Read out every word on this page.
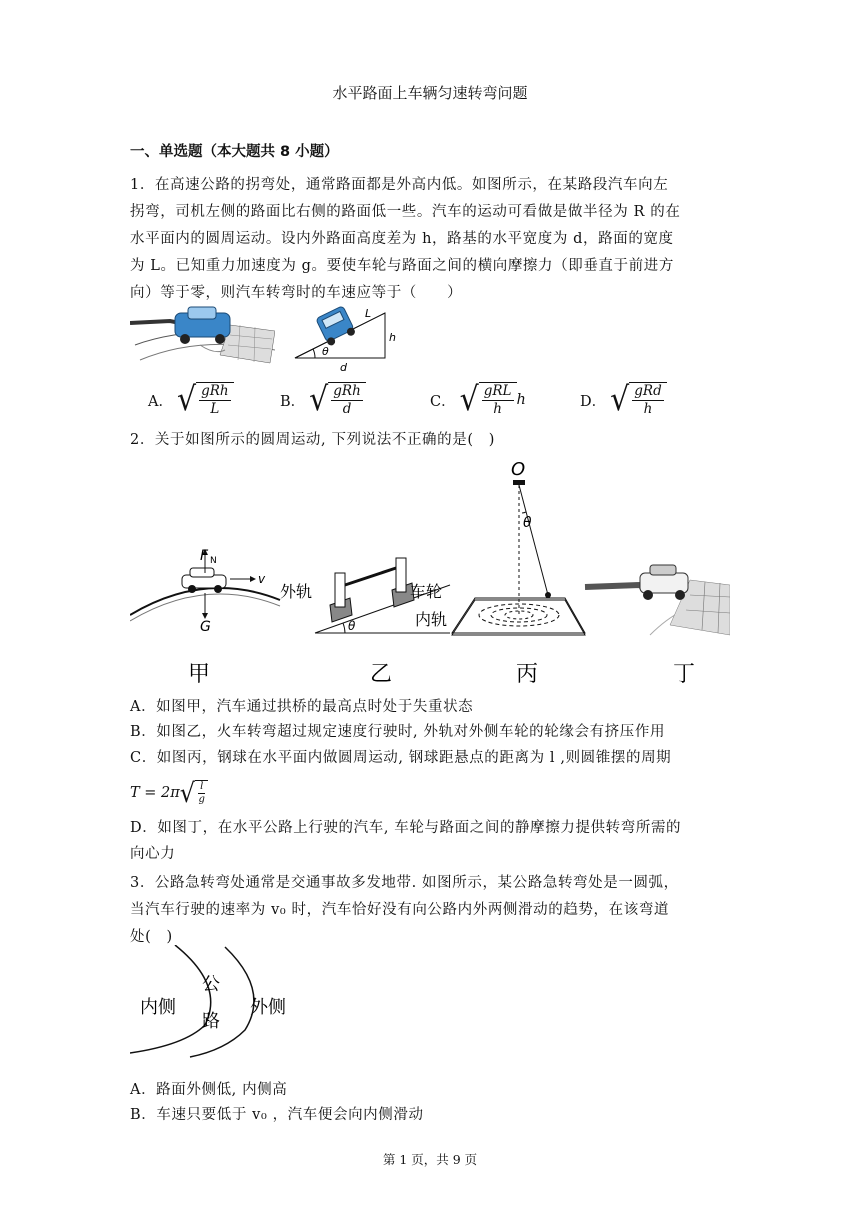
水平路面上车辆匀速转弯问题
一、单选题（本大题共 8 小题）
1．在高速公路的拐弯处，通常路面都是外高内低。如图所示，在某路段汽车向左
拐弯，司机左侧的路面比右侧的路面低一些。汽车的运动可看做是做半径为 R 的在
水平面内的圆周运动。设内外路面高度差为 h，路基的水平宽度为 d，路面的宽度
为 L。已知重力加速度为 g。要使车轮与路面之间的横向摩擦力（即垂直于前进方
向）等于零，则汽车转弯时的车速应等于（　　）
L
h
θ
d
A． √ $\frac{\text{gRh}}{L}$	B． √ $\frac{\text{gRh}}{d}$	C． √ $\frac{\text{gRL}}{h}$ h	D． √ $\frac{\text{gRd}}{h}$
2．关于如图所示的圆周运动, 下列说法不正确的是(　)
F N
v
G
甲
外轨	车轮
内轨
θ
乙
O
θ
丙	丁
A．如图甲，汽车通过拱桥的最高点时处于失重状态
B．如图乙，火车转弯超过规定速度行驶时, 外轨对外侧车轮的轮缘会有挤压作用
C．如图丙，钢球在水平面内做圆周运动, 钢球距悬点的距离为 l ,则圆锥摆的周期
T = 2π √ $\frac{l}{g}$
D．如图丁，在水平公路上行驶的汽车, 车轮与路面之间的静摩擦力提供转弯所需的
向心力
3．公路急转弯处通常是交通事故多发地带. 如图所示，某公路急转弯处是一圆弧，
当汽车行驶的速率为 v₀ 时，汽车恰好没有向公路内外两侧滑动的趋势，在该弯道
处(　)
内侧
公
路
外侧
A．路面外侧低, 内侧高
B．车速只要低于 v₀ ，汽车便会向内侧滑动
第 1 页，共 9 页
